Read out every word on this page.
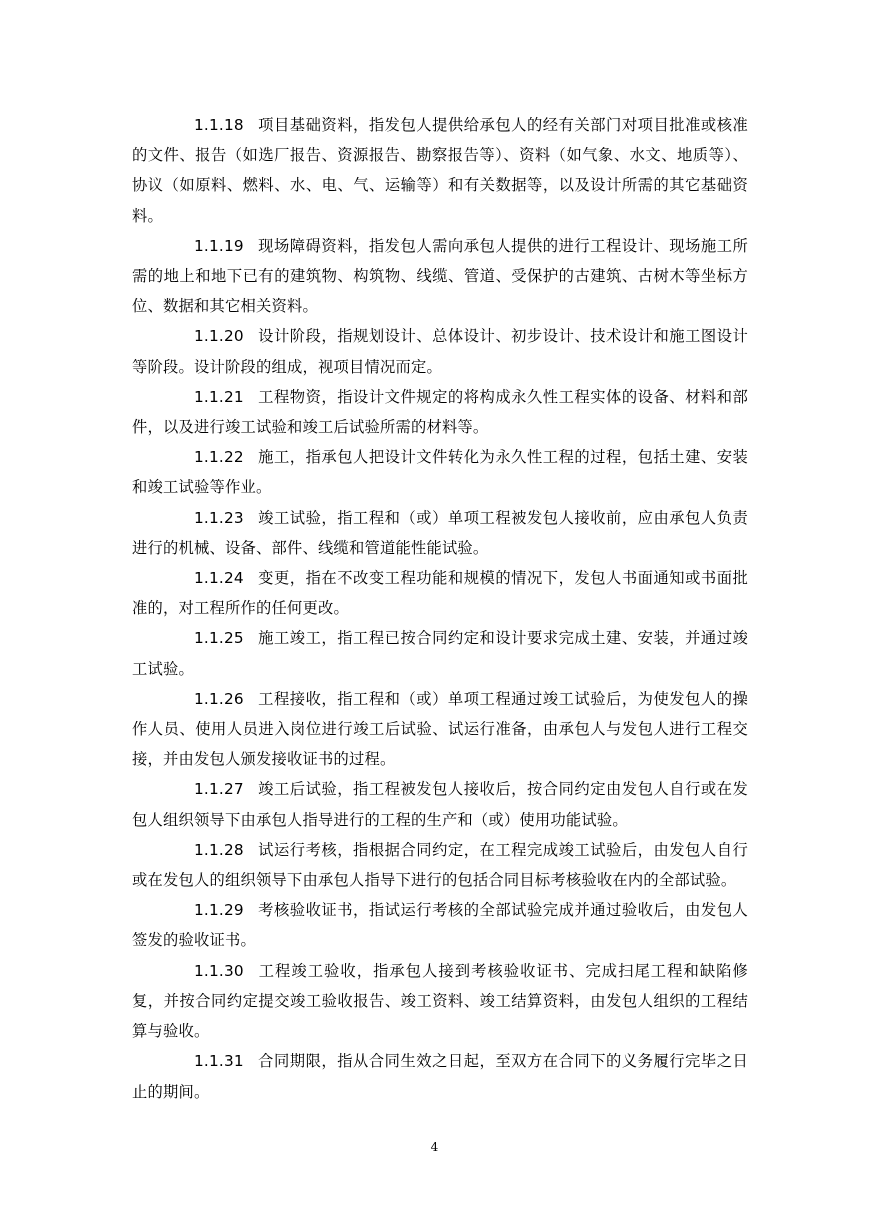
1.1.18 项目基础资料，指发包人提供给承包人的经有关部门对项目批准或核准的文件、报告（如选厂报告、资源报告、勘察报告等）、资料（如气象、水文、地质等）、协议（如原料、燃料、水、电、气、运输等）和有关数据等，以及设计所需的其它基础资料。

1.1.19 现场障碍资料，指发包人需向承包人提供的进行工程设计、现场施工所需的地上和地下已有的建筑物、构筑物、线缆、管道、受保护的古建筑、古树木等坐标方位、数据和其它相关资料。

1.1.20 设计阶段，指规划设计、总体设计、初步设计、技术设计和施工图设计等阶段。设计阶段的组成，视项目情况而定。

1.1.21 工程物资，指设计文件规定的将构成永久性工程实体的设备、材料和部件，以及进行竣工试验和竣工后试验所需的材料等。

1.1.22 施工，指承包人把设计文件转化为永久性工程的过程，包括土建、安装和竣工试验等作业。

1.1.23 竣工试验，指工程和（或）单项工程被发包人接收前，应由承包人负责进行的机械、设备、部件、线缆和管道能性能试验。

1.1.24 变更，指在不改变工程功能和规模的情况下，发包人书面通知或书面批准的，对工程所作的任何更改。

1.1.25 施工竣工，指工程已按合同约定和设计要求完成土建、安装，并通过竣工试验。

1.1.26 工程接收，指工程和（或）单项工程通过竣工试验后，为使发包人的操作人员、使用人员进入岗位进行竣工后试验、试运行准备，由承包人与发包人进行工程交接，并由发包人颁发接收证书的过程。

1.1.27 竣工后试验，指工程被发包人接收后，按合同约定由发包人自行或在发包人组织领导下由承包人指导进行的工程的生产和（或）使用功能试验。

1.1.28 试运行考核，指根据合同约定，在工程完成竣工试验后，由发包人自行或在发包人的组织领导下由承包人指导下进行的包括合同目标考核验收在内的全部试验。

1.1.29 考核验收证书，指试运行考核的全部试验完成并通过验收后，由发包人签发的验收证书。

1.1.30 工程竣工验收，指承包人接到考核验收证书、完成扫尾工程和缺陷修复，并按合同约定提交竣工验收报告、竣工资料、竣工结算资料，由发包人组织的工程结算与验收。

1.1.31 合同期限，指从合同生效之日起，至双方在合同下的义务履行完毕之日止的期间。

4
